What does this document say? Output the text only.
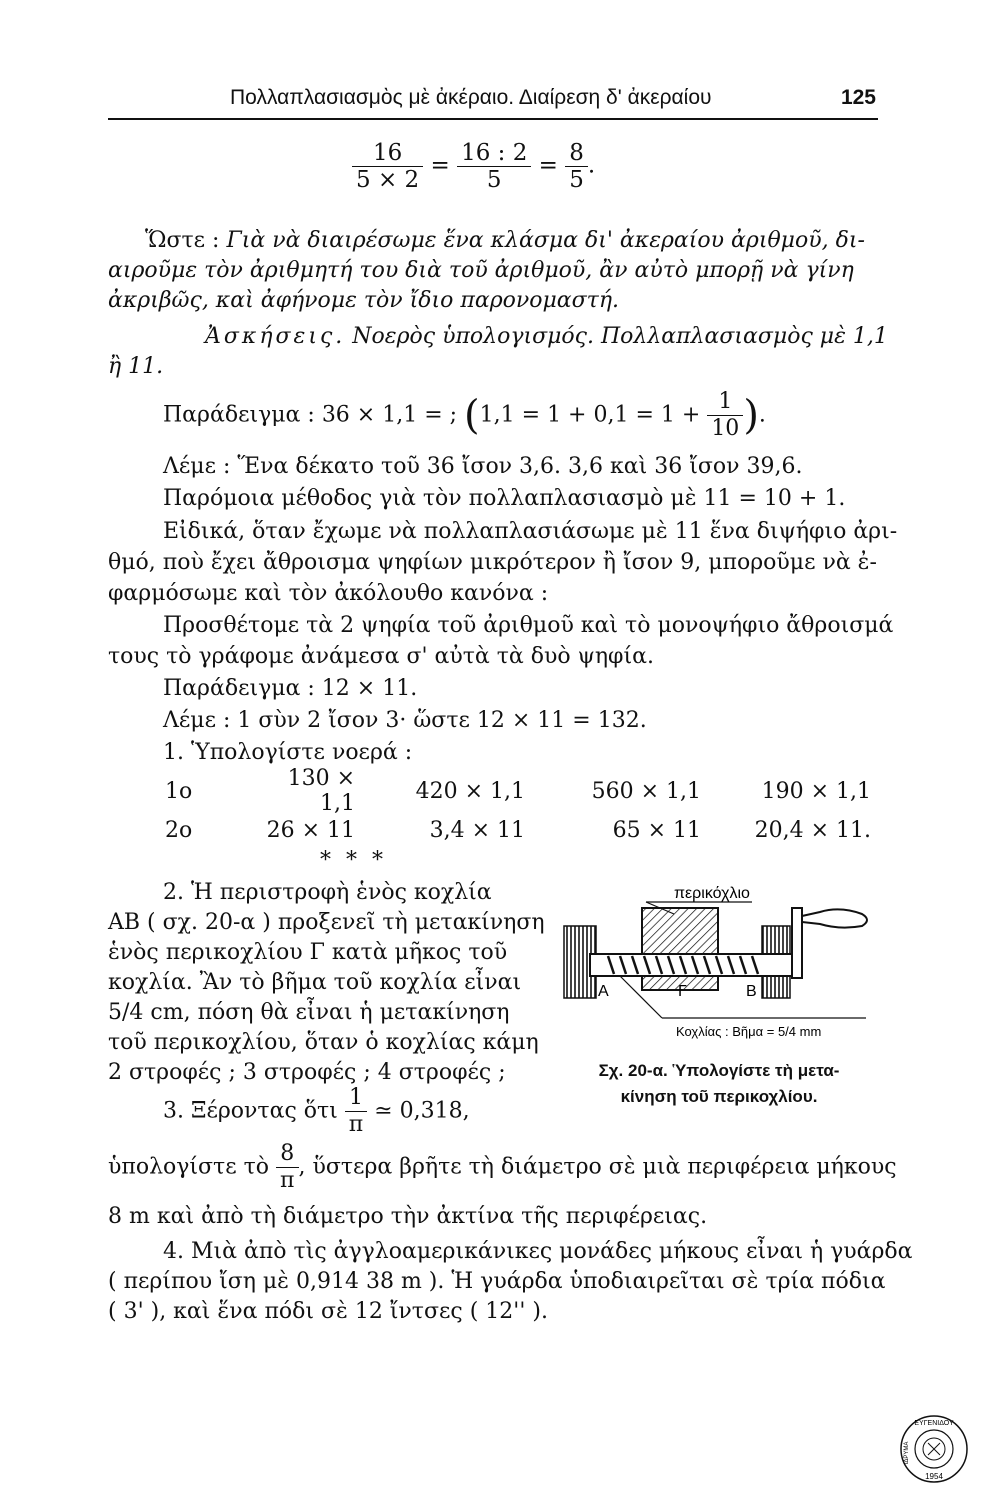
Πολλαπλασιασμὸς μὲ ἀκέραιο. Διαίρεση δ' ἀκεραίου	125
$\frac{16}{5 \times 2} = \frac{16 : 2}{5} = \frac{8}{5}$ .
Ὥστε : Γιὰ νὰ διαιρέσωμε ἕνα κλάσμα δι' ἀκεραίου ἀριθμοῦ, δι-
αιροῦμε τὸν ἀριθμητή του διὰ τοῦ ἀριθμοῦ, ἂν αὐτὸ μπορῇ νὰ γίνη
ἀκριβῶς, καὶ ἀφήνομε τὸν ἴδιο παρονομαστή.
Ἀσκήσεις. Νοερὸς ὑπολογισμός. Πολλαπλασιασμὸς μὲ 1,1
ἢ 11.
Παράδειγμα : 36 × 1,1 = ; ($1,1 = 1 + 0,1 = 1 + \frac{1}{10}$ ).
Λέμε : Ἕνα δέκατο τοῦ 36 ἴσον 3,6. 3,6 καὶ 36 ἴσον 39,6.
Παρόμοια μέθοδος γιὰ τὸν πολλαπλασιασμὸ μὲ 11 = 10 + 1.
Εἰδικά, ὅταν ἔχωμε νὰ πολλαπλασιάσωμε μὲ 11 ἕνα διψήφιο ἀρι-
θμό, ποὺ ἔχει ἄθροισμα ψηφίων μικρότερον ἢ ἴσον 9, μποροῦμε νὰ ἐ-
φαρμόσωμε καὶ τὸν ἀκόλουθο κανόνα :
Προσθέτομε τὰ 2 ψηφία τοῦ ἀριθμοῦ καὶ τὸ μονοψήφιο ἄθροισμά
τους τὸ γράφομε ἀνάμεσα σ' αὐτὰ τὰ δυὸ ψηφία.
Παράδειγμα : 12 × 11.
Λέμε : 1 σὺν 2 ἴσον 3· ὥστε 12 × 11 = 132.
1. Ὑπολογίστε νοερά :
1ο	130 × 1,1	420 × 1,1	560 × 1,1	190 × 1,1
2ο	26 × 11	3,4 × 11	65 × 11	20,4 × 11.
* * *
2. Ἡ περιστροφὴ ἑνὸς κοχλία
ΑΒ ( σχ. 20-α ) προξενεῖ τὴ μετακίνηση
ἑνὸς περικοχλίου Γ κατὰ μῆκος τοῦ
κοχλία. Ἂν τὸ βῆμα τοῦ κοχλία εἶναι
5/4 cm, πόση θὰ εἶναι ἡ μετακίνηση
τοῦ περικοχλίου, ὅταν ὁ κοχλίας κάμη
2 στροφές ; 3 στροφές ; 4 στροφές ;
3. Ξέροντας ὅτι $\frac{1}{\pi}$ ≃ 0,318,
ὑπολογίστε τὸ $\frac{8}{\pi}$ , ὕστερα βρῆτε τὴ διάμετρο σὲ μιὰ περιφέρεια μήκους
8 m καὶ ἀπὸ τὴ διάμετρο τὴν ἀκτίνα τῆς περιφέρειας.
4. Μιὰ ἀπὸ τὶς ἀγγλοαμερικάνικες μονάδες μήκους εἶναι ἡ γυάρδα
( περίπου ἴση μὲ 0,914 38 m ). Ἡ γυάρδα ὑποδιαιρεῖται σὲ τρία πόδια
( 3' ), καὶ ἕνα πόδι σὲ 12 ἴντσες ( 12'' ).
περικόχλιο
Α	Γ	Β
Κοχλίας : Βῆμα = 5/4 mm
Σχ. 20-α. Ὑπολογίστε τὴ μετα-
κίνηση τοῦ περικοχλίου.
ΕΥΓΕΝΙΔΟΥ
ΙΔΡΥΜΑ
1954
